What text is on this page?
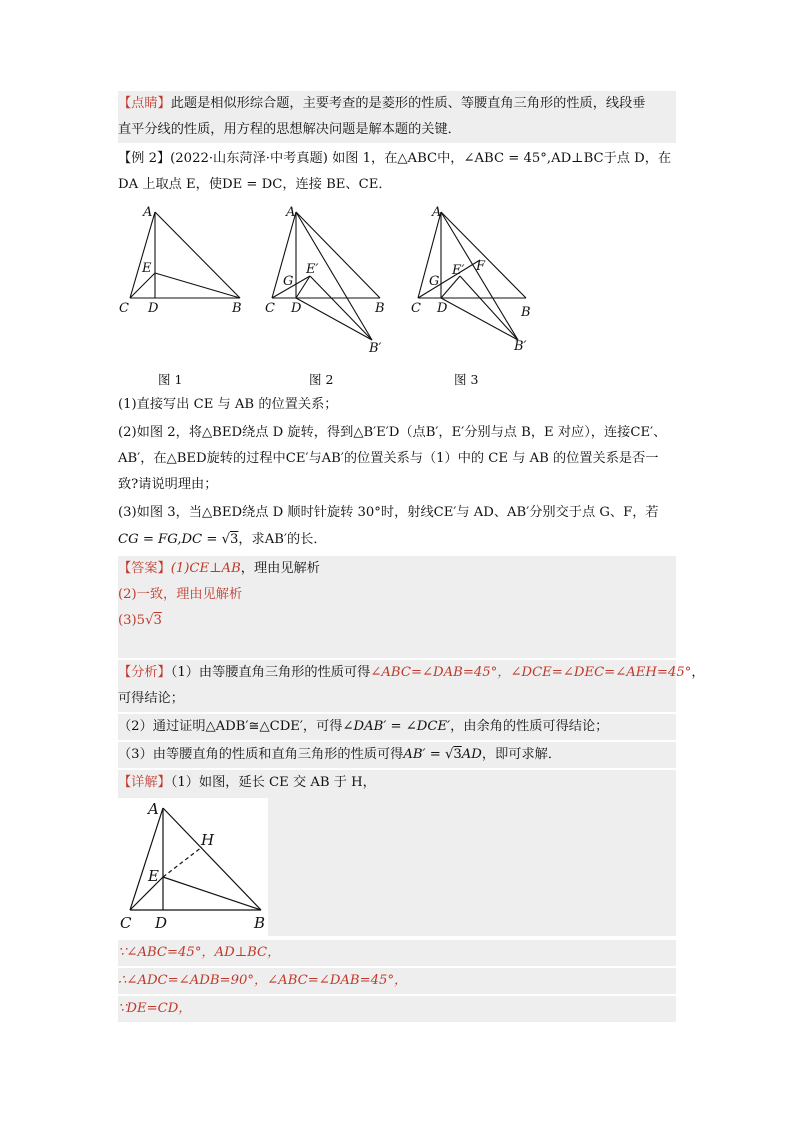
【点睛】此题是相似形综合题，主要考查的是菱形的性质、等腰直角三角形的性质，线段垂
直平分线的性质，用方程的思想解决问题是解本题的关键．
【例 2】(2022·山东菏泽·中考真题) 如图 1，在△ABC中，∠ABC = 45°,AD⊥BC于点 D，在
DA 上取点 E，使DE = DC，连接 BE、CE．
A
E
C D	B
图 1
A
E′
G
C D	B
B′
图 2
A
F
E′
G
C D	B
B′
图 3
(1)直接写出 CE 与 AB 的位置关系；
(2)如图 2，将△BED绕点 D 旋转，得到△B′E′D（点B′，E′分别与点 B，E 对应），连接CE′、
AB′，在△BED旋转的过程中CE′与AB′的位置关系与（1）中的 CE 与 AB 的位置关系是否一
致?请说明理由；
(3)如图 3，当△BED绕点 D 顺时针旋转 30°时，射线CE′与 AD、AB′分别交于点 G、F，若
CG = FG,DC = √3，求AB′的长．
【答案】(1)CE⊥AB，理由见解析
(2)一致，理由见解析
(3)5√3
【分析】（1）由等腰直角三角形的性质可得∠ABC=∠DAB=45°，∠DCE=∠DEC=∠AEH=45°，
可得结论；
（2）通过证明△ADB′≅△CDE′，可得∠DAB′ = ∠DCE′，由余角的性质可得结论；
（3）由等腰直角的性质和直角三角形的性质可得AB′ = √3AD，即可求解．
【详解】（1）如图，延长 CE 交 AB 于 H，
A
H
E
C D	B
∵∠ABC=45°，AD⊥BC，
∴∠ADC=∠ADB=90°，∠ABC=∠DAB=45°，
∵DE=CD，
